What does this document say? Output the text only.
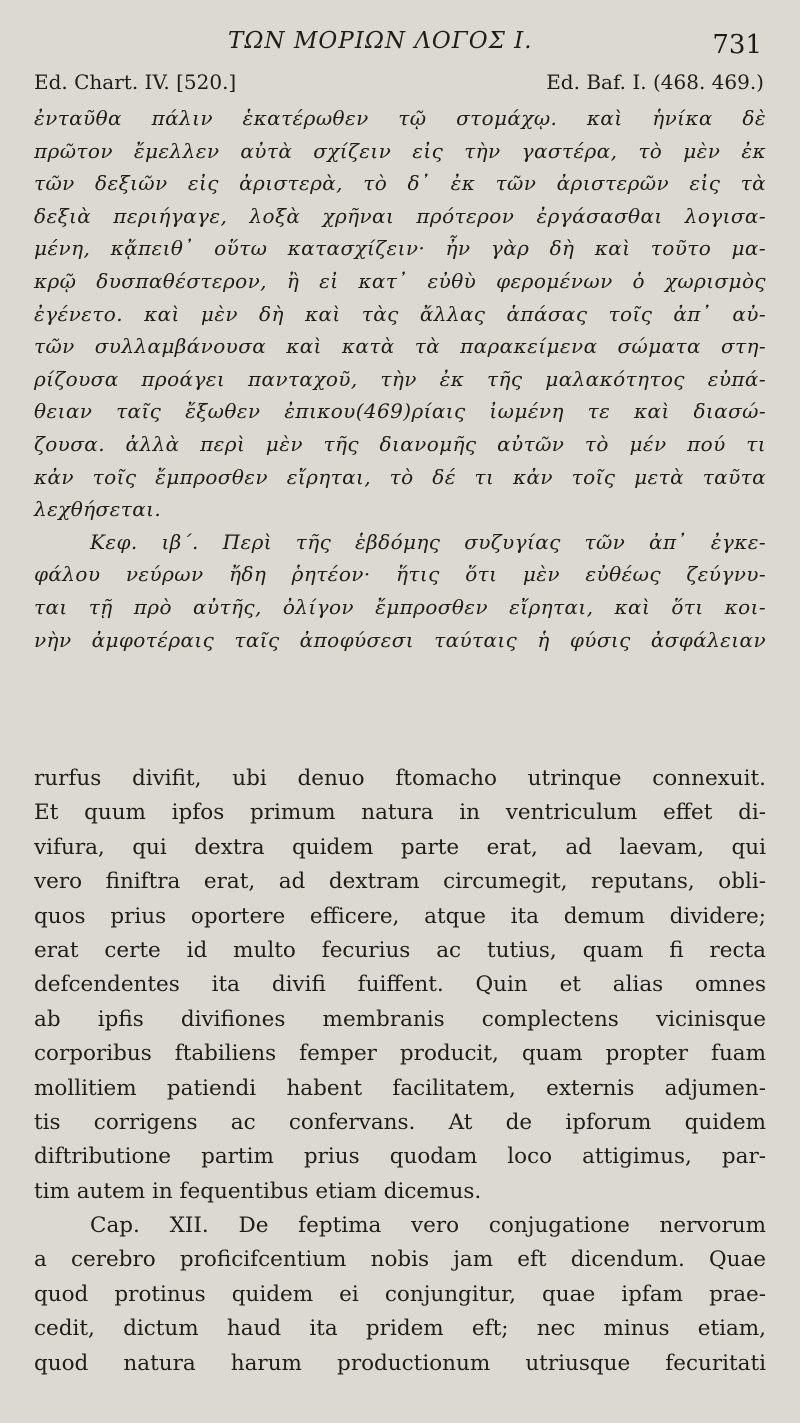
ΤΩΝ ΜΟΡΙΩΝ ΛΟΓΟΣ Ι.	731
Ed. Chart. IV. [520.]	Ed. Baf. I. (468. 469.)
ἐνταῦθα πάλιν ἑκατέρωθεν τῷ στομάχῳ. καὶ ἡνίκα δὲ
πρῶτον ἔμελλεν αὐτὰ σχίζειν εἰς τὴν γαστέρα, τὸ μὲν ἐκ
τῶν δεξιῶν εἰς ἀριστερὰ, τὸ δ᾽ ἐκ τῶν ἀριστερῶν εἰς τὰ
δεξιὰ περιήγαγε, λοξὰ χρῆναι πρότερον ἐργάσασθαι λογισα-
μένη, κᾄπειθ᾽ οὕτω κατασχίζειν· ἦν γὰρ δὴ καὶ τοῦτο μα-
κρῷ δυσπαθέστερον, ἢ εἰ κατ᾽ εὐθὺ φερομένων ὁ χωρισμὸς
ἐγένετο. καὶ μὲν δὴ καὶ τὰς ἄλλας ἁπάσας τοῖς ἀπ᾽ αὐ-
τῶν συλλαμβάνουσα καὶ κατὰ τὰ παρακείμενα σώματα στη-
ρίζουσα προάγει πανταχοῦ, τὴν ἐκ τῆς μαλακότητος εὐπά-
θειαν ταῖς ἔξωθεν ἐπικου(469)ρίαις ἰωμένη τε καὶ διασώ-
ζουσα. ἀλλὰ περὶ μὲν τῆς διανομῆς αὐτῶν τὸ μέν πού τι
κἀν τοῖς ἔμπροσθεν εἴρηται, τὸ δέ τι κἀν τοῖς μετὰ ταῦτα
λεχθήσεται.
Κεφ. ιβ΄. Περὶ τῆς ἑβδόμης συζυγίας τῶν ἀπ᾽ ἐγκε-
φάλου νεύρων ἤδη ῥητέον· ἥτις ὅτι μὲν εὐθέως ζεύγνυ-
ται τῇ πρὸ αὐτῆς, ὀλίγον ἔμπροσθεν εἴρηται, καὶ ὅτι κοι-
νὴν ἀμφοτέραις ταῖς ἀποφύσεσι ταύταις ἡ φύσις ἀσφάλειαν
rurfus divifit, ubi denuo ftomacho utrinque connexuit.
Et quum ipfos primum natura in ventriculum effet di-
vifura, qui dextra quidem parte erat, ad laevam, qui
vero finiftra erat, ad dextram circumegit, reputans, obli-
quos prius oportere efficere, atque ita demum dividere;
erat certe id multo fecurius ac tutius, quam fi recta
defcendentes ita divifi fuiffent. Quin et alias omnes
ab ipfis divifiones membranis complectens vicinisque
corporibus ftabiliens femper producit, quam propter fuam
mollitiem patiendi habent facilitatem, externis adjumen-
tis corrigens ac confervans. At de ipforum quidem
diftributione partim prius quodam loco attigimus, par-
tim autem in fequentibus etiam dicemus.
Cap. XII. De feptima vero conjugatione nervorum
a cerebro proficifcentium nobis jam eft dicendum. Quae
quod protinus quidem ei conjungitur, quae ipfam prae-
cedit, dictum haud ita pridem eft; nec minus etiam,
quod natura harum productionum utriusque fecuritati
